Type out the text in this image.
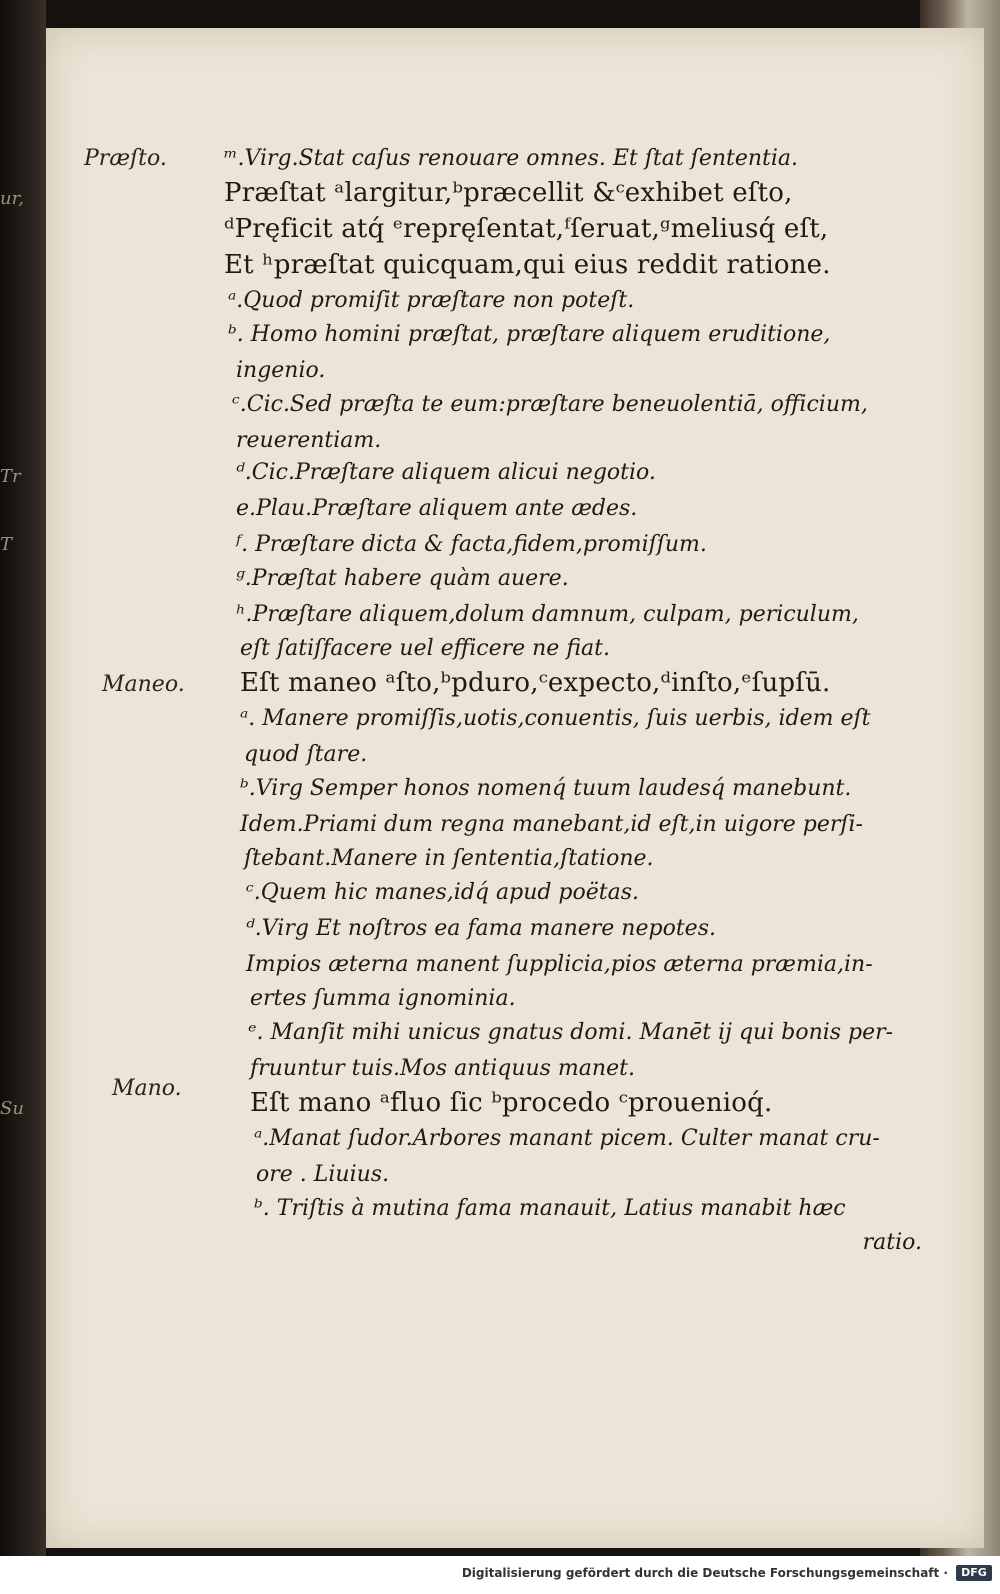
ur,
Tr
T
Su
Præſto.
Maneo.
Mano.
ᵐ.Virg.Stat caſus renouare omnes. Et ſtat ſententia.
Præſtat ᵃlargitur,ᵇpræcellit &ᶜexhibet eſto,
ᵈPręficit atq́ ᵉrepręſentat,ᶠſeruat,ᵍmeliusq́ eſt,
Et ʰpræſtat quicquam,qui eius reddit ratione.
ᵃ.Quod promiſit præſtare non poteſt.
ᵇ. Homo homini præſtat, præſtare aliquem eruditione,
ingenio.
ᶜ.Cic.Sed præſta te eum:præſtare beneuolentiā, officium,
reuerentiam.
ᵈ.Cic.Præſtare aliquem alicui negotio.
e.Plau.Præſtare aliquem ante ædes.
ᶠ. Præſtare dicta & facta,fidem,promiſſum.
ᵍ.Præſtat habere quàm auere.
ʰ.Præſtare aliquem,dolum damnum, culpam, periculum,
eſt ſatiſfacere uel efficere ne fiat.
Eſt maneo ᵃſto,ᵇpduro,ᶜexpecto,ᵈinſto,ᵉſupſū.
ᵃ. Manere promiſſis,uotis,conuentis, ſuis uerbis, idem eſt
quod ſtare.
ᵇ.Virg Semper honos nomenq́ tuum laudesq́ manebunt.
Idem.Priami dum regna manebant,id eſt,in uigore perſi-
ſtebant.Manere in ſententia,ſtatione.
ᶜ.Quem hic manes,idq́ apud poëtas.
ᵈ.Virg Et noſtros ea fama manere nepotes.
Impios æterna manent ſupplicia,pios æterna præmia,in-
ertes ſumma ignominia.
ᵉ. Manſit mihi unicus gnatus domi. Manēt ij qui bonis per-
fruuntur tuis.Mos antiquus manet.
Eſt mano ᵃfluo ſic ᵇprocedo ᶜprouenioq́.
ᵃ.Manat ſudor.Arbores manant picem. Culter manat cru-
ore . Liuius.
ᵇ. Triſtis à mutina fama manauit, Latius manabit hæc
ratio.
Digitalisierung gefördert durch die Deutsche Forschungsgemeinschaft ·	DFG
